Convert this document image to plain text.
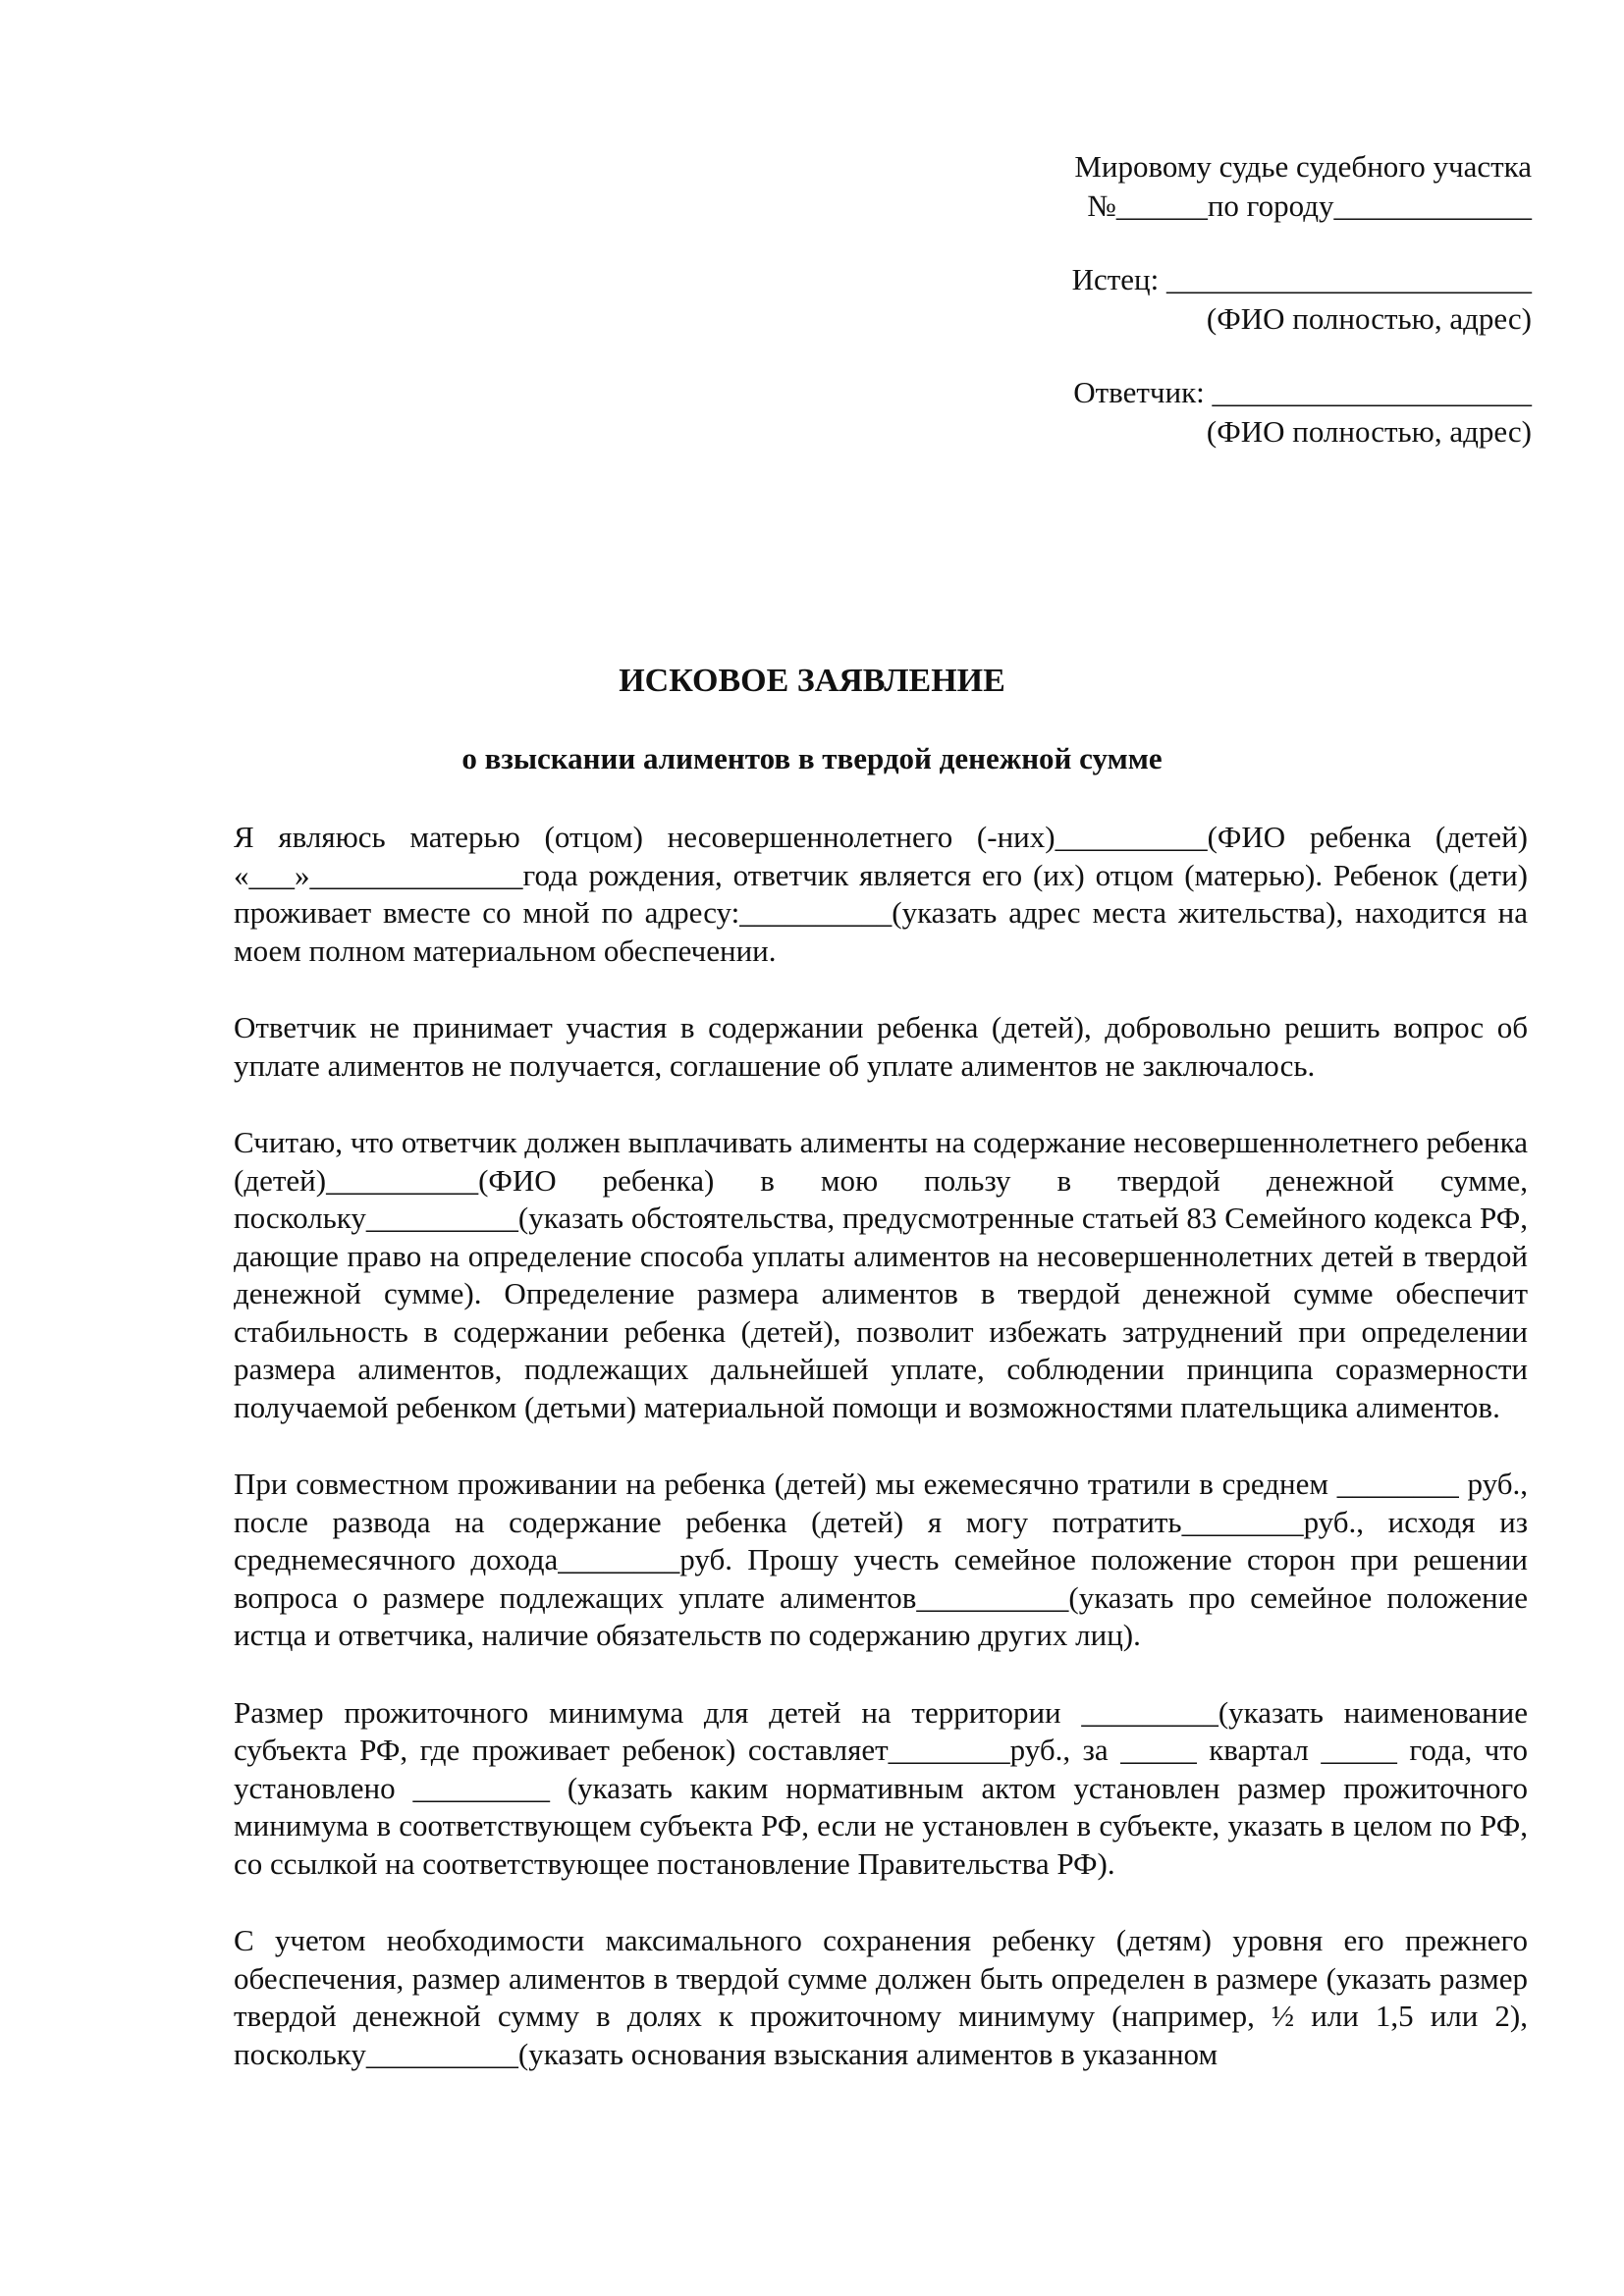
Мировому судье судебного участка
№______по городу_____________
Истец: ________________________
(ФИО полностью, адрес)
Ответчик: _____________________
(ФИО полностью, адрес)
ИСКОВОЕ ЗАЯВЛЕНИЕ
о взыскании алиментов в твердой денежной сумме

Я являюсь матерью (отцом) несовершеннолетнего (-них)__________(ФИО ребенка (детей) «___»______________года рождения, ответчик является его (их) отцом (матерью). Ребенок (дети) проживает вместе со мной по адресу:__________(указать адрес места жительства), находится на моем полном материальном обеспечении.

Ответчик не принимает участия в содержании ребенка (детей), добровольно решить вопрос об уплате алиментов не получается, соглашение об уплате алиментов не заключалось.

Считаю, что ответчик должен выплачивать алименты на содержание несовершеннолетнего ребенка (детей)__________(ФИО ребенка) в мою пользу в твердой денежной сумме, поскольку__________(указать обстоятельства, предусмотренные статьей 83 Семейного кодекса РФ, дающие право на определение способа уплаты алиментов на несовершеннолетних детей в твердой денежной сумме). Определение размера алиментов в твердой денежной сумме обеспечит стабильность в содержании ребенка (детей), позволит избежать затруднений при определении размера алиментов, подлежащих дальнейшей уплате, соблюдении принципа соразмерности получаемой ребенком (детьми) материальной помощи и возможностями плательщика алиментов.

При совместном проживании на ребенка (детей) мы ежемесячно тратили в среднем ________ руб., после развода на содержание ребенка (детей) я могу потратить________руб., исходя из среднемесячного дохода________руб. Прошу учесть семейное положение сторон при решении вопроса о размере подлежащих уплате алиментов__________(указать про семейное положение истца и ответчика, наличие обязательств по содержанию других лиц).

Размер прожиточного минимума для детей на территории _________(указать наименование субъекта РФ, где проживает ребенок) составляет________руб., за _____ квартал _____ года, что установлено _________ (указать каким нормативным актом установлен размер прожиточного минимума в соответствующем субъекта РФ, если не установлен в субъекте, указать в целом по РФ, со ссылкой на соответствующее постановление Правительства РФ).

С учетом необходимости максимального сохранения ребенку (детям) уровня его прежнего обеспечения, размер алиментов в твердой сумме должен быть определен в размере (указать размер твердой денежной сумму в долях к прожиточному минимуму (например, ½ или 1,5 или 2), поскольку__________(указать основания взыскания алиментов в указанном
